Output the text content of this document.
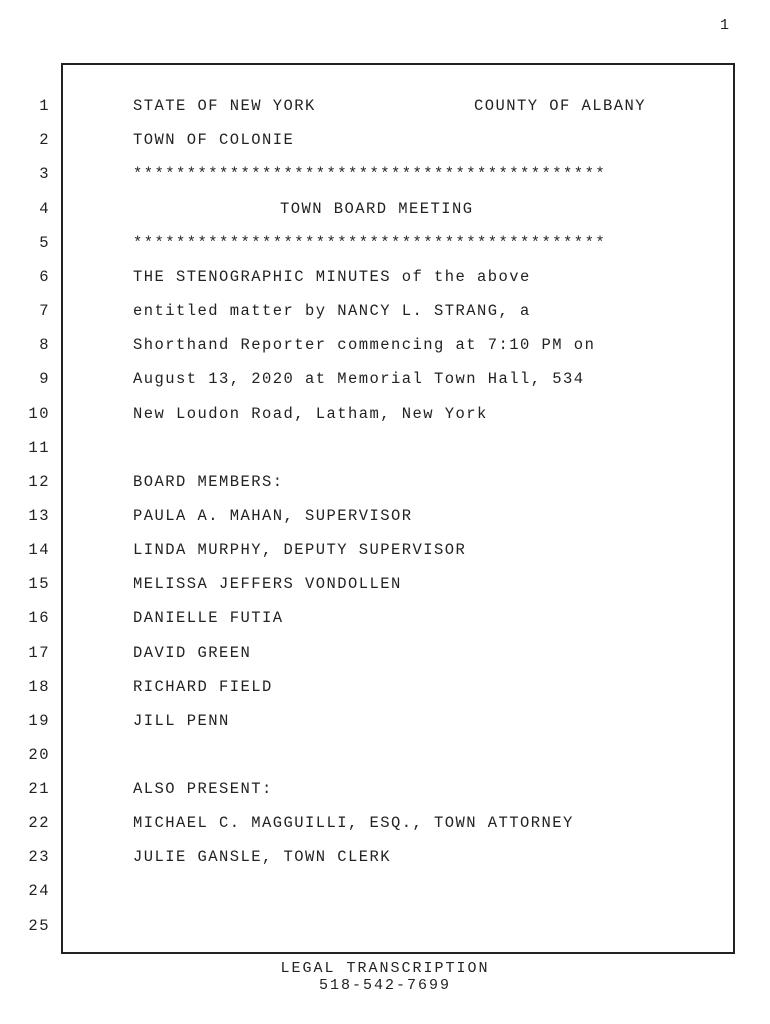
1
1
2
3
4
5
6
7
8
9
10
11
12
13
14
15
16
17
18
19
20
21
22
23
24
25
STATE OF NEW YORK	COUNTY OF ALBANY
TOWN OF COLONIE
********************************************
TOWN BOARD MEETING
********************************************
THE STENOGRAPHIC MINUTES of the above
entitled matter by NANCY L. STRANG, a
Shorthand Reporter commencing at 7:10 PM on
August 13, 2020 at Memorial Town Hall, 534
New Loudon Road, Latham, New York
BOARD MEMBERS:
PAULA A. MAHAN, SUPERVISOR
LINDA MURPHY, DEPUTY SUPERVISOR
MELISSA JEFFERS VONDOLLEN
DANIELLE FUTIA
DAVID GREEN
RICHARD FIELD
JILL PENN
ALSO PRESENT:
MICHAEL C. MAGGUILLI, ESQ., TOWN ATTORNEY
JULIE GANSLE, TOWN CLERK
LEGAL TRANSCRIPTION
518-542-7699
